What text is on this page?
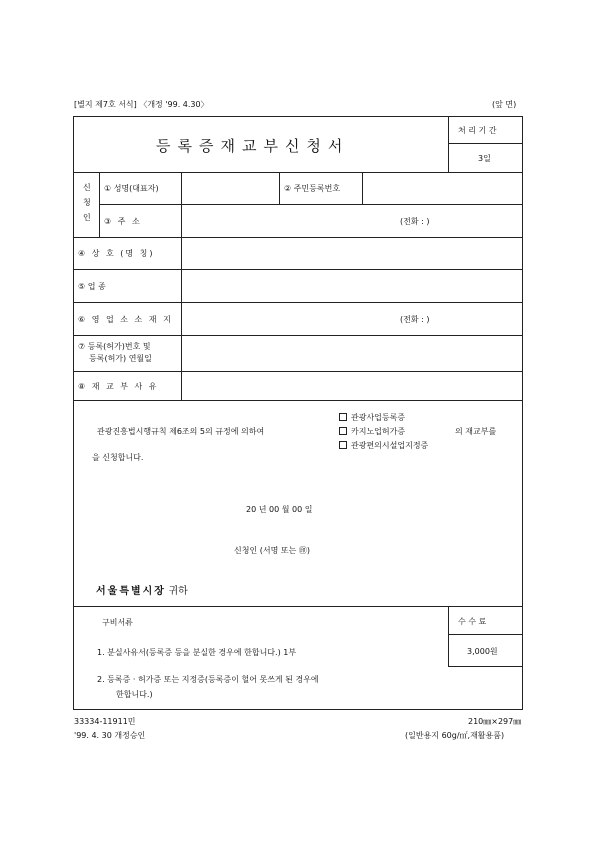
[별지 제7호 서식] 〈개정 '99. 4.30〉	(앞 면)
등록증재교부신청서
처 리 기 간
3일
신
청
인
① 성명(대표자)	② 주민등록번호
③ 주 소	(전화 : )
④ 상 호 (명 칭)
⑤ 업 종
⑥ 영 업 소 소 재 지	(전화 : )
⑦ 등록(허가)번호 및
등록(허가) 연월일
⑧ 재 교 부 사 유
관광진흥법시행규칙 제6조의 5의 규정에 의하여
관광사업등록증
카지노업허가증
관광편의시설업지정증
의 재교부를
을 신청합니다.
20 년 00 월 00 일
신청인 (서명 또는 ㊞)
서울특별시장 귀하
구비서류
1. 분실사유서(등록증 등을 분실한 경우에 한합니다.) 1부
2. 등록증 · 허가증 또는 지정증(등록증이 헐어 못쓰게 된 경우에
한합니다.)
수 수 료
3,000원
33334-11911민
'99. 4. 30 개정승인
210㎜×297㎜
(일반용지 60g/㎡,재활용품)
